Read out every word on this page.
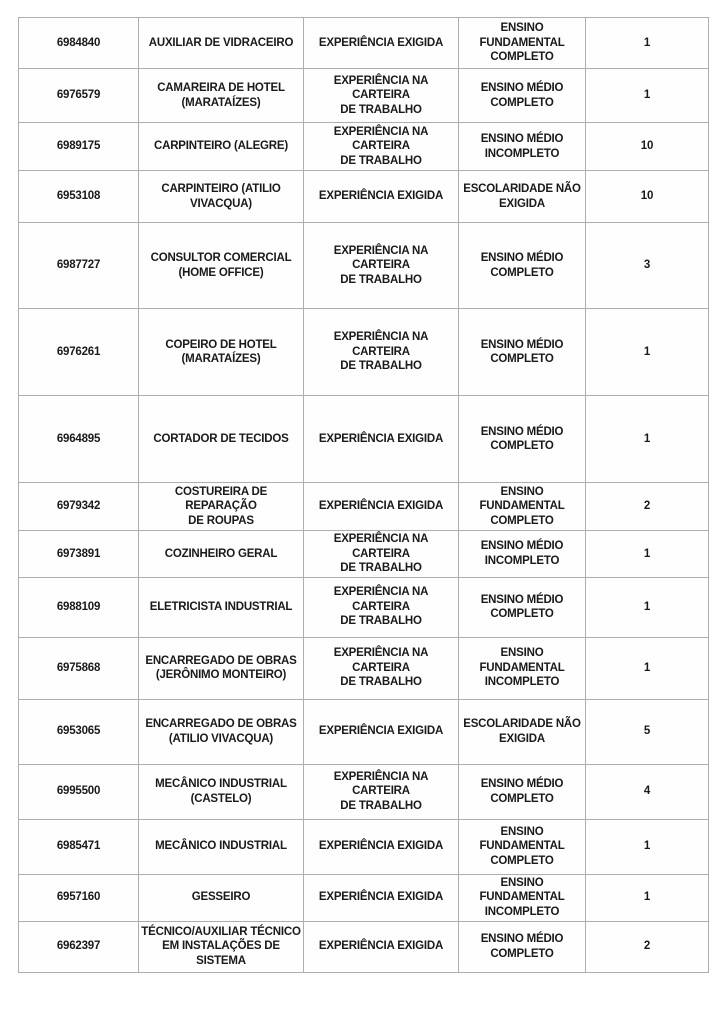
6984840	AUXILIAR DE VIDRACEIRO	EXPERIÊNCIA EXIGIDA	ENSINO
FUNDAMENTAL
COMPLETO	1
6976579	CAMAREIRA DE HOTEL
(MARATAÍZES)	EXPERIÊNCIA NA CARTEIRA
DE TRABALHO	ENSINO MÉDIO
COMPLETO	1
6989175	CARPINTEIRO (ALEGRE)	EXPERIÊNCIA NA CARTEIRA
DE TRABALHO	ENSINO MÉDIO
INCOMPLETO	10
6953108	CARPINTEIRO (ATILIO
VIVACQUA)	EXPERIÊNCIA EXIGIDA	ESCOLARIDADE NÃO
EXIGIDA	10
6987727	CONSULTOR COMERCIAL
(HOME OFFICE)	EXPERIÊNCIA NA CARTEIRA
DE TRABALHO	ENSINO MÉDIO
COMPLETO	3
6976261	COPEIRO DE HOTEL
(MARATAÍZES)	EXPERIÊNCIA NA CARTEIRA
DE TRABALHO	ENSINO MÉDIO
COMPLETO	1
6964895	CORTADOR DE TECIDOS	EXPERIÊNCIA EXIGIDA	ENSINO MÉDIO
COMPLETO	1
6979342	COSTUREIRA DE REPARAÇÃO
DE ROUPAS	EXPERIÊNCIA EXIGIDA	ENSINO
FUNDAMENTAL
COMPLETO	2
6973891	COZINHEIRO GERAL	EXPERIÊNCIA NA CARTEIRA
DE TRABALHO	ENSINO MÉDIO
INCOMPLETO	1
6988109	ELETRICISTA INDUSTRIAL	EXPERIÊNCIA NA CARTEIRA
DE TRABALHO	ENSINO MÉDIO
COMPLETO	1
6975868	ENCARREGADO DE OBRAS
(JERÔNIMO MONTEIRO)	EXPERIÊNCIA NA CARTEIRA
DE TRABALHO	ENSINO
FUNDAMENTAL
INCOMPLETO	1
6953065	ENCARREGADO DE OBRAS
(ATILIO VIVACQUA)	EXPERIÊNCIA EXIGIDA	ESCOLARIDADE NÃO
EXIGIDA	5
6995500	MECÂNICO INDUSTRIAL
(CASTELO)	EXPERIÊNCIA NA CARTEIRA
DE TRABALHO	ENSINO MÉDIO
COMPLETO	4
6985471	MECÂNICO INDUSTRIAL	EXPERIÊNCIA EXIGIDA	ENSINO
FUNDAMENTAL
COMPLETO	1
6957160	GESSEIRO	EXPERIÊNCIA EXIGIDA	ENSINO
FUNDAMENTAL
INCOMPLETO	1
6962397	TÉCNICO/AUXILIAR TÉCNICO
EM INSTALAÇÕES DE
SISTEMA	EXPERIÊNCIA EXIGIDA	ENSINO MÉDIO
COMPLETO	2
